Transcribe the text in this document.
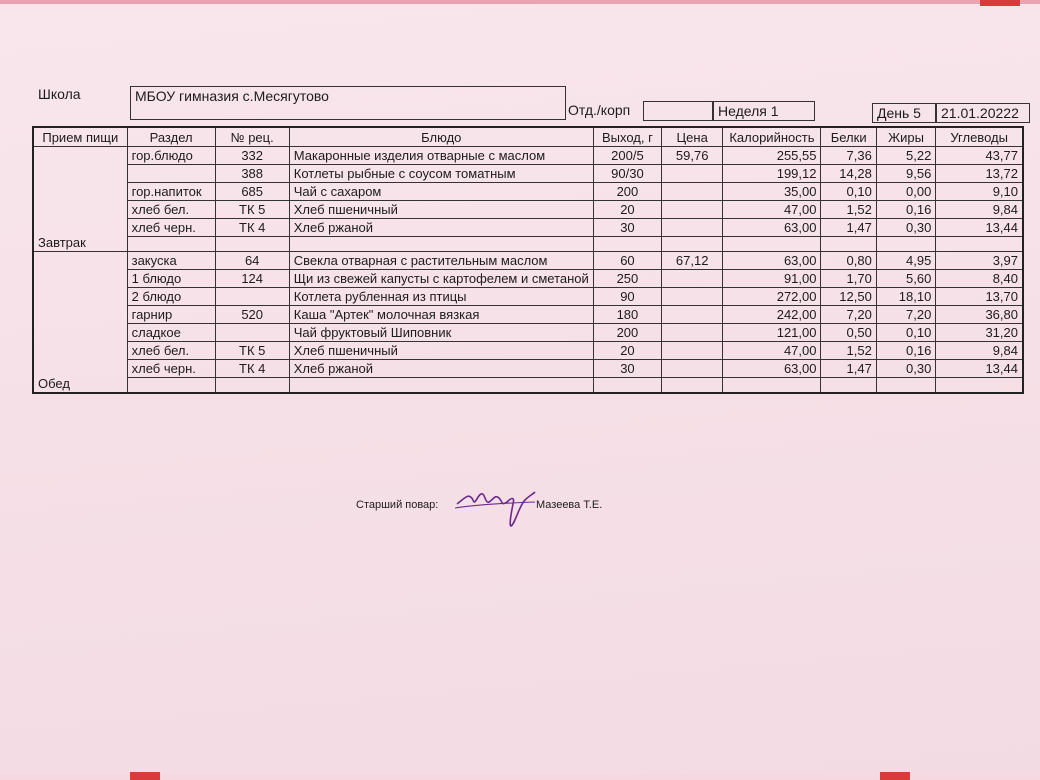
Школа	МБОУ гимназия с.Месягутово
Отд./корп	Неделя 1	День 5	21.01.20222
Прием пищи	Раздел	№ рец.	Блюдо	Выход, г	Цена	Калорийность	Белки	Жиры	Углеводы
Завтрак	гор.блюдо	332	Макаронные изделия отварные с маслом	200/5	59,76	255,55	7,36	5,22	43,77
		388	Котлеты рыбные с соусом томатным	90/30		199,12	14,28	9,56	13,72
	гор.напиток	685	Чай с сахаром	200		35,00	0,10	0,00	9,10
	хлеб бел.	ТК 5	Хлеб пшеничный	20		47,00	1,52	0,16	9,84
	хлеб черн.	ТК 4	Хлеб ржаной	30		63,00	1,47	0,30	13,44

Обед	закуска	64	Свекла отварная с растительным маслом	60	67,12	63,00	0,80	4,95	3,97
	1 блюдо	124	Щи из свежей капусты с картофелем и сметаной	250		91,00	1,70	5,60	8,40
	2 блюдо		Котлета рубленная из птицы	90		272,00	12,50	18,10	13,70
	гарнир	520	Каша "Артек" молочная вязкая	180		242,00	7,20	7,20	36,80
	сладкое		Чай фруктовый Шиповник	200		121,00	0,50	0,10	31,20
	хлеб бел.	ТК 5	Хлеб пшеничный	20		47,00	1,52	0,16	9,84
	хлеб черн.	ТК 4	Хлеб ржаной	30		63,00	1,47	0,30	13,44

Старший повар:	Мазеева Т.Е.
